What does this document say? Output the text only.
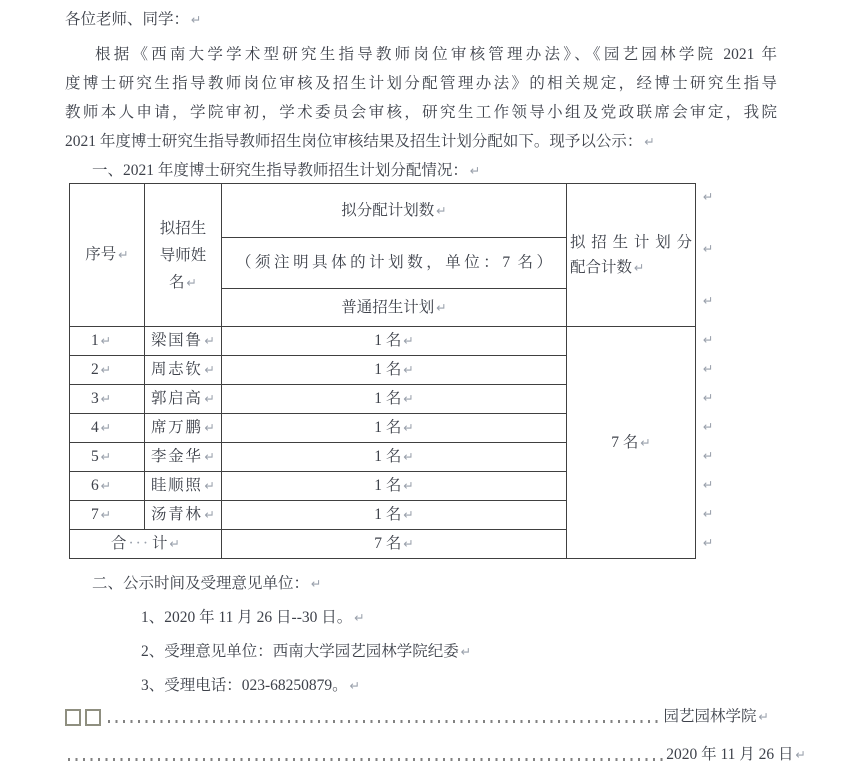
各位老师、同学： ↵
根据《西南大学学术型研究生指导教师岗位审核管理办法》、《园艺园林学院 2021 年
度博士研究生指导教师岗位审核及招生计划分配管理办法》的相关规定，经博士研究生指导
教师本人申请，学院审初，学术委员会审核，研究生工作领导小组及党政联席会审定，我院
2021 年度博士研究生指导教师招生岗位审核结果及招生计划分配如下。现予以公示： ↵
一、2021 年度博士研究生指导教师招生计划分配情况： ↵
序号 ↵	拟招生导师姓名 ↵	拟分配计划数 ↵	拟招生计划分
配合计数 ↵

		（须注明具体的计划数，单位：7 名）	

		普通招生计划 ↵	
1 ↵	梁国鲁 ↵	1 名 ↵	7 名 ↵
2 ↵	周志钦 ↵	1 名 ↵	
3 ↵	郭启高 ↵	1 名 ↵	
4 ↵	席万鹏 ↵	1 名 ↵	
5 ↵	李金华 ↵	1 名 ↵	
6 ↵	眭顺照 ↵	1 名 ↵	
7 ↵	汤青林 ↵	1 名 ↵	
合 ··· 计 ↵		7 名 ↵	
↵
↵
↵
↵
↵
↵
↵
↵
↵
↵
↵
二、公示时间及受理意见单位： ↵
1、2020 年 11 月 26 日--30 日。 ↵
2、受理意见单位：西南大学园艺园林学院纪委 ↵
3、受理电话：023-68250879。 ↵
园艺园林学院 ↵
2020 年 11 月 26 日 ↵
